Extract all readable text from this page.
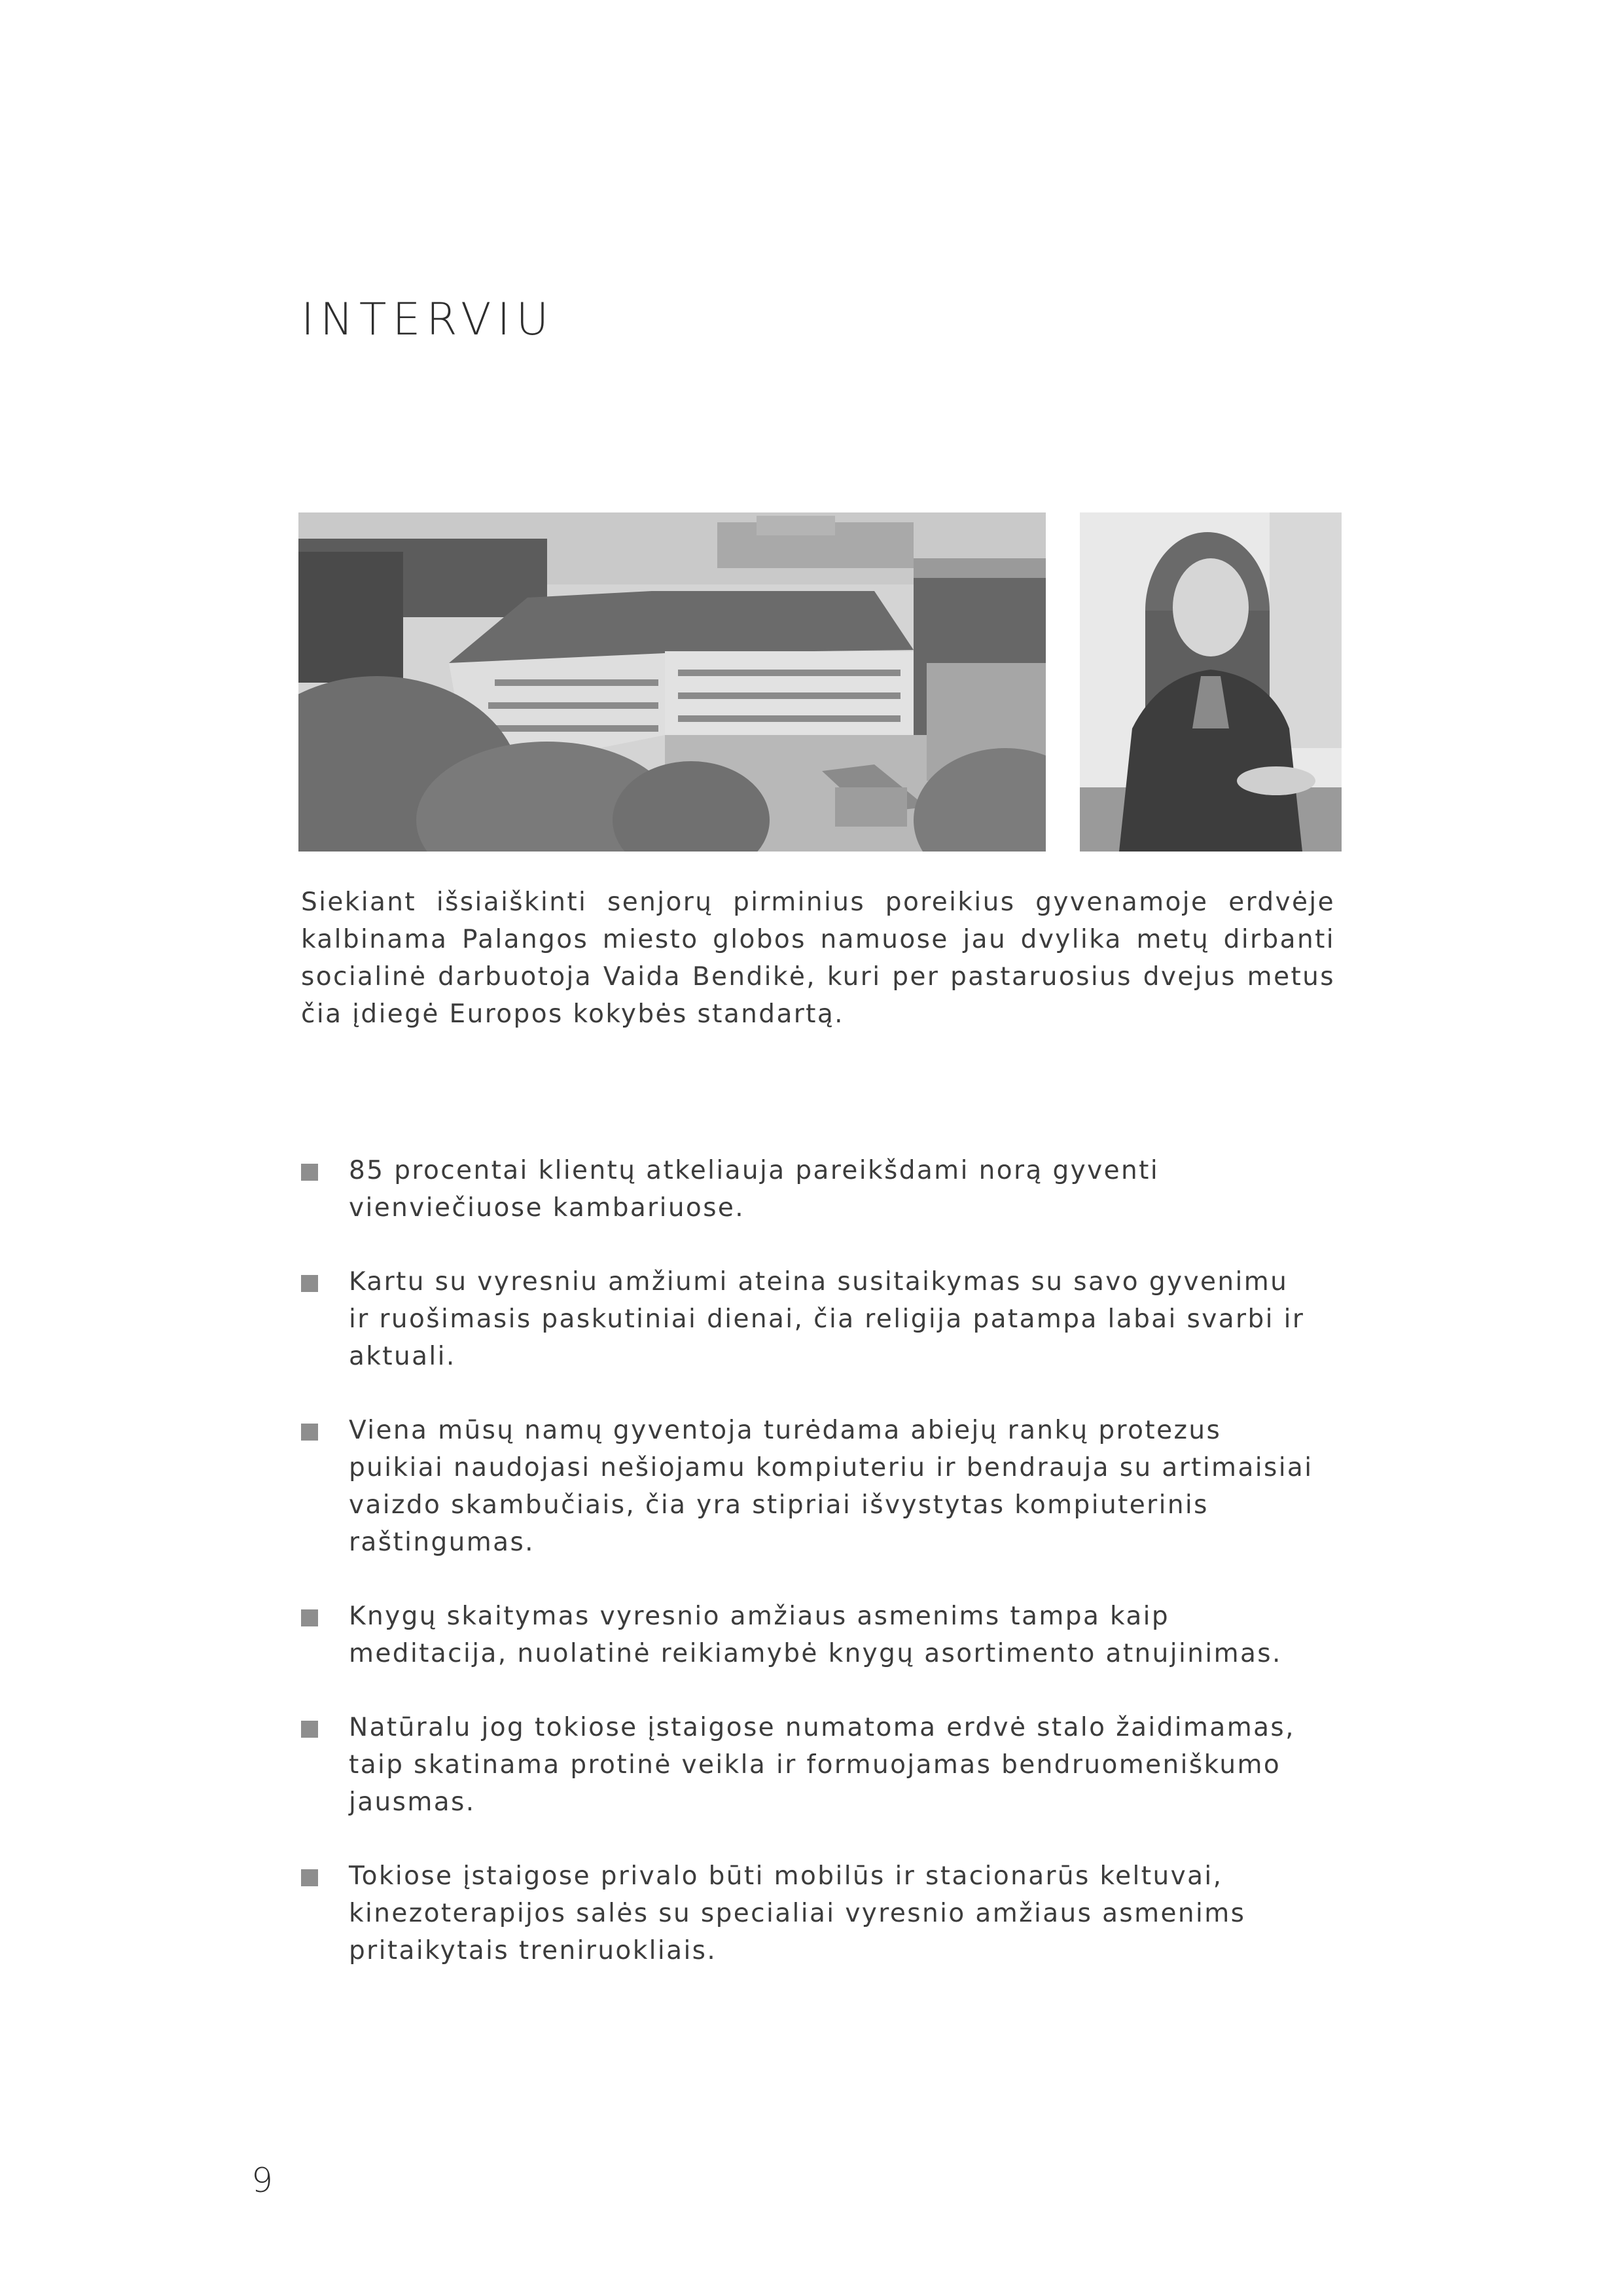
INTERVIU

Siekiant išsiaiškinti senjorų pirminius poreikius gyvenamoje erdvėje kalbinama Palangos miesto globos namuose jau dvylika metų dirbanti socialinė darbuotoja Vaida Bendikė, kuri per pastaruosius dvejus metus čia įdiegė Europos kokybės standartą.

85 procentai klientų atkeliauja pareikšdami norą gyventi vienviečiuose kambariuose.
Kartu su vyresniu amžiumi ateina susitaikymas su savo gyvenimu ir ruošimasis paskutiniai dienai, čia religija patampa labai svarbi ir aktuali.
Viena mūsų namų gyventoja turėdama abiejų rankų protezus puikiai naudojasi nešiojamu kompiuteriu ir bendrauja su artimaisiai vaizdo skambučiais, čia yra stipriai išvystytas kompiuterinis raštingumas.
Knygų skaitymas vyresnio amžiaus asmenims tampa kaip meditacija, nuolatinė reikiamybė knygų asortimento atnujinimas.
Natūralu jog tokiose įstaigose numatoma erdvė stalo žaidimamas, taip skatinama protinė veikla ir formuojamas bendruomeniškumo jausmas.
Tokiose įstaigose privalo būti mobilūs ir stacionarūs keltuvai, kinezoterapijos salės su specialiai vyresnio amžiaus asmenims pritaikytais treniruokliais.
9
